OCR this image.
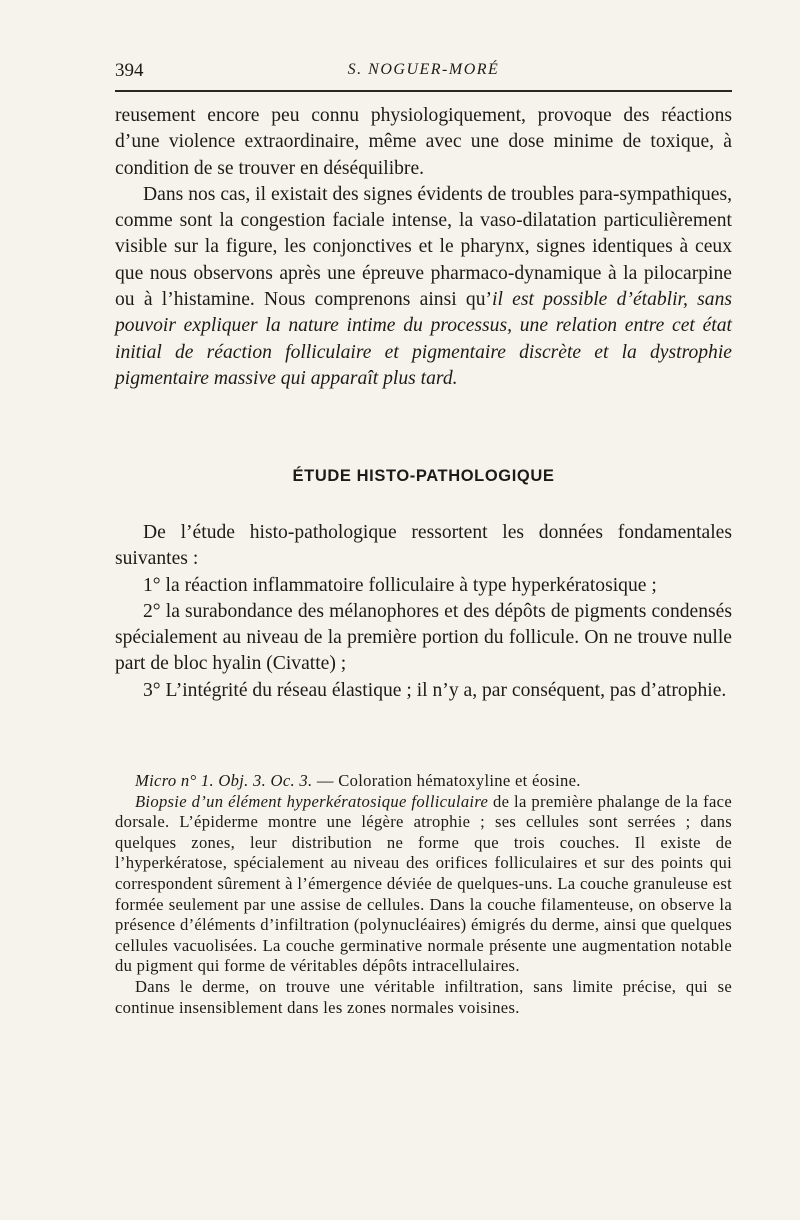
394	S. NOGUER-MORÉ

reusement encore peu connu physiologiquement, provoque des réactions d’une violence extraordinaire, même avec une dose minime de toxique, à condition de se trouver en déséquilibre.

Dans nos cas, il existait des signes évidents de troubles para-sympathiques, comme sont la congestion faciale intense, la vaso-dilatation particulièrement visible sur la figure, les conjonctives et le pharynx, signes identiques à ceux que nous observons après une épreuve pharmaco-dynamique à la pilocarpine ou à l’histamine. Nous comprenons ainsi qu’il est possible d’établir, sans pouvoir expliquer la nature intime du processus, une relation entre cet état initial de réaction folliculaire et pigmentaire discrète et la dystrophie pigmentaire massive qui apparaît plus tard.

ÉTUDE HISTO-PATHOLOGIQUE

De l’étude histo-pathologique ressortent les données fondamentales suivantes :

1° la réaction inflammatoire folliculaire à type hyperkératosique ;

2° la surabondance des mélanophores et des dépôts de pigments condensés spécialement au niveau de la première portion du follicule. On ne trouve nulle part de bloc hyalin (Civatte) ;

3° L’intégrité du réseau élastique ; il n’y a, par conséquent, pas d’atrophie.

Micro n° 1. Obj. 3. Oc. 3. — Coloration hématoxyline et éosine.

Biopsie d’un élément hyperkératosique folliculaire de la première phalange de la face dorsale. L’épiderme montre une légère atrophie ; ses cellules sont serrées ; dans quelques zones, leur distribution ne forme que trois couches. Il existe de l’hyperkératose, spécialement au niveau des orifices folliculaires et sur des points qui correspondent sûrement à l’émergence déviée de quelques-uns. La couche granuleuse est formée seulement par une assise de cellules. Dans la couche filamenteuse, on observe la présence d’éléments d’infiltration (polynucléaires) émigrés du derme, ainsi que quelques cellules vacuolisées. La couche germinative normale présente une augmentation notable du pigment qui forme de véritables dépôts intracellulaires.

Dans le derme, on trouve une véritable infiltration, sans limite précise, qui se continue insensiblement dans les zones normales voisines.
